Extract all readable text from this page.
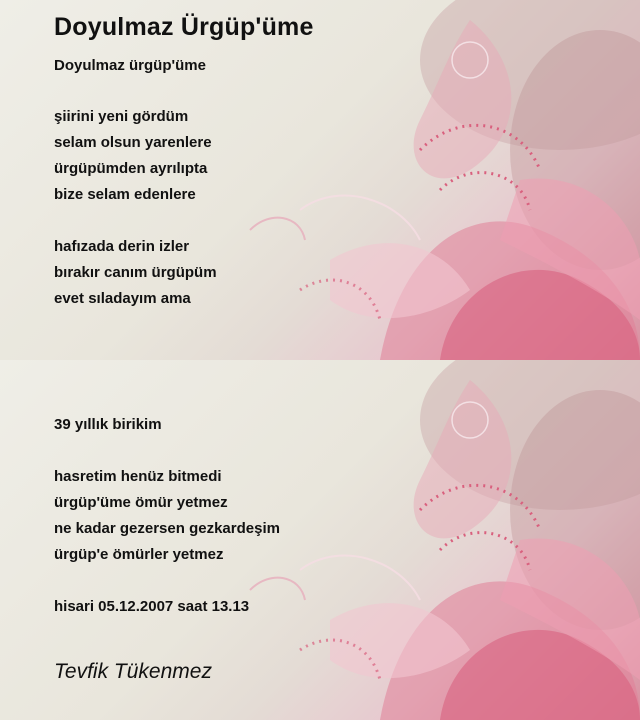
Doyulmaz Ürgüp'üme

Doyulmaz ürgüp'üme

şiirini yeni gördüm

selam olsun yarenlere

ürgüpümden ayrılıpta

bize selam edenlere

hafızada derin izler

bırakır canım ürgüpüm

evet sıladayım ama

39 yıllık birikim

hasretim henüz bitmedi

ürgüp'üme ömür yetmez

ne kadar gezersen gezkardeşim

ürgüp'e ömürler yetmez

hisari 05.12.2007 saat 13.13

Tevfik Tükenmez
